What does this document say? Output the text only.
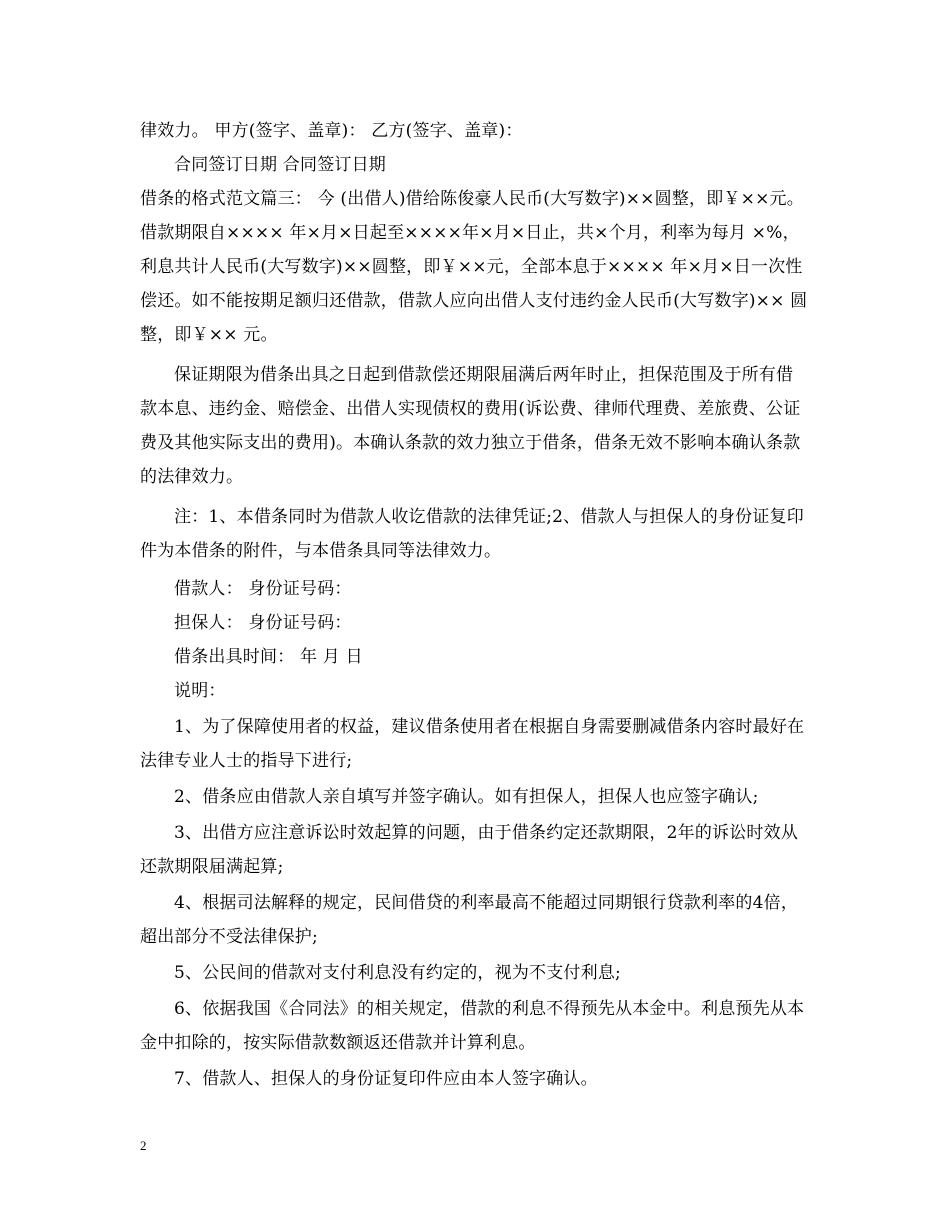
律效力。 甲方(签字、盖章)： 乙方(签字、盖章)：
合同签订日期 合同签订日期
借条的格式范文篇三： 今 (出借人)借给陈俊豪人民币(大写数字)××圆整，即￥××元。借款期限自×××× 年×月×日起至××××年×月×日止，共×个月，利率为每月 ×%，利息共计人民币(大写数字)××圆整，即￥××元，全部本息于×××× 年×月×日一次性偿还。如不能按期足额归还借款，借款人应向出借人支付违约金人民币(大写数字)×× 圆整，即￥×× 元。
保证期限为借条出具之日起到借款偿还期限届满后两年时止，担保范围及于所有借款本息、违约金、赔偿金、出借人实现债权的费用(诉讼费、律师代理费、差旅费、公证费及其他实际支出的费用)。本确认条款的效力独立于借条，借条无效不影响本确认条款的法律效力。
注：1、本借条同时为借款人收讫借款的法律凭证;2、借款人与担保人的身份证复印件为本借条的附件，与本借条具同等法律效力。
借款人： 身份证号码：
担保人： 身份证号码：
借条出具时间： 年 月 日
说明：
1、为了保障使用者的权益，建议借条使用者在根据自身需要删减借条内容时最好在法律专业人士的指导下进行;
2、借条应由借款人亲自填写并签字确认。如有担保人，担保人也应签字确认;
3、出借方应注意诉讼时效起算的问题，由于借条约定还款期限，2年的诉讼时效从还款期限届满起算;
4、根据司法解释的规定，民间借贷的利率最高不能超过同期银行贷款利率的4倍，超出部分不受法律保护;
5、公民间的借款对支付利息没有约定的，视为不支付利息;
6、依据我国《合同法》的相关规定，借款的利息不得预先从本金中。利息预先从本金中扣除的，按实际借款数额返还借款并计算利息。
7、借款人、担保人的身份证复印件应由本人签字确认。
2
